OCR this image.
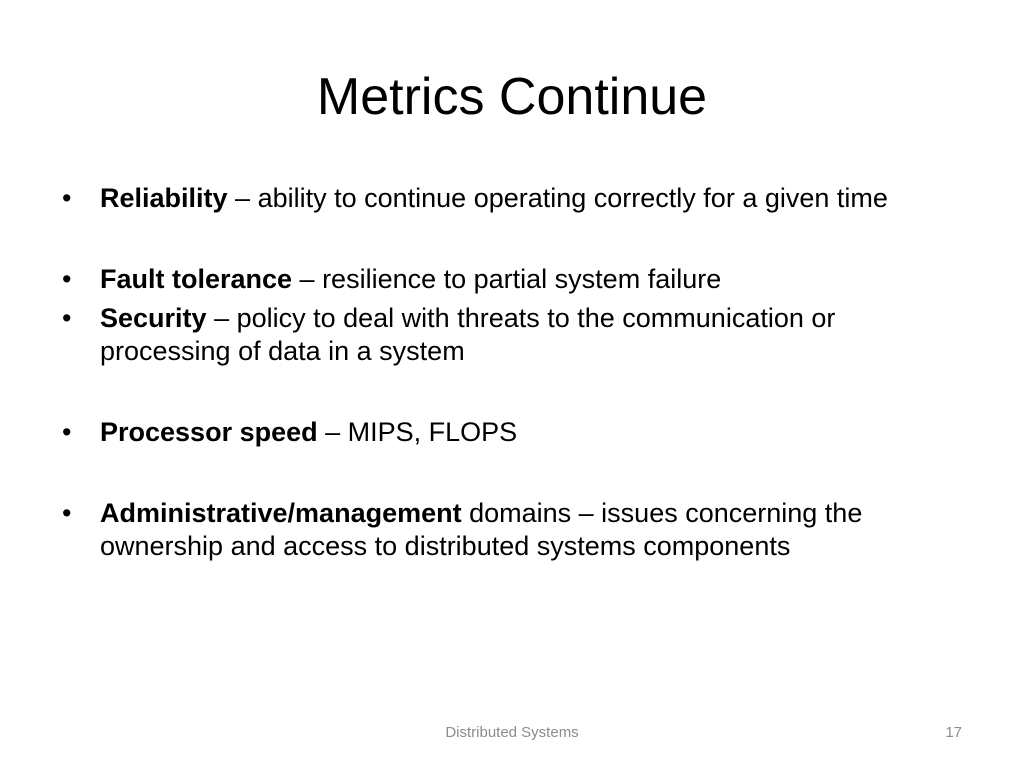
Metrics Continue
•	Reliability – ability to continue operating correctly for a given time
•	Fault tolerance – resilience to partial system failure
•	Security – policy to deal with threats to the communication or processing of data in a system
•	Processor speed – MIPS, FLOPS
•	Administrative/management domains – issues concerning the ownership and access to distributed systems components
Distributed Systems	17
